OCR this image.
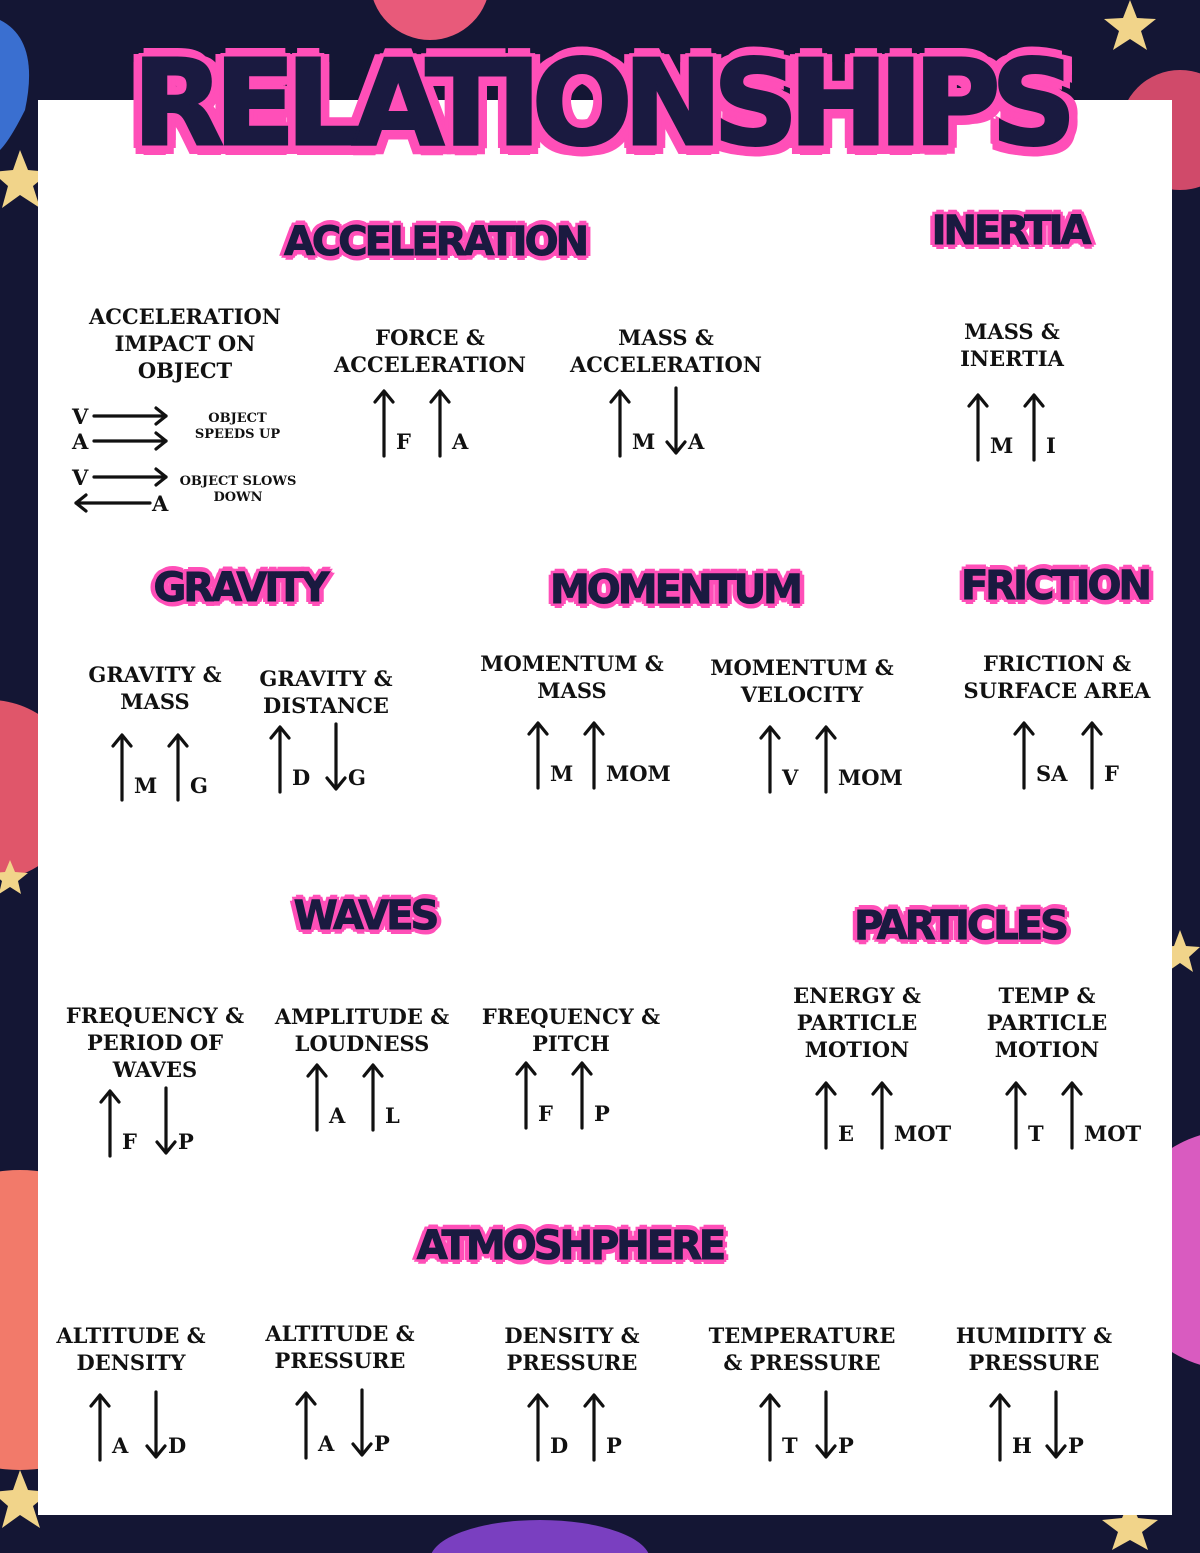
RELATIONSHIPS
ACCELERATION
ACCELERATION
IMPACT ON
OBJECT
V
A
OBJECT
SPEEDS UP
V
A
OBJECT SLOWS
DOWN
FORCE &
ACCELERATION
F A
MASS &
ACCELERATION
M A
INERTIA
MASS &
INERTIA
M I
GRAVITY
GRAVITY &
MASS
M G
GRAVITY &
DISTANCE
D G
MOMENTUM
MOMENTUM &
MASS
M MOM
MOMENTUM &
VELOCITY
V MOM
FRICTION
FRICTION &
SURFACE AREA
SA F
WAVES
FREQUENCY &
PERIOD OF
WAVES
F P
AMPLITUDE &
LOUDNESS
A L
FREQUENCY &
PITCH
F P
PARTICLES
ENERGY &
PARTICLE
MOTION
E MOT
TEMP &
PARTICLE
MOTION
T MOT
ATMOSHPHERE
ALTITUDE &
DENSITY
A D
ALTITUDE &
PRESSURE
A P
DENSITY &
PRESSURE
D P
TEMPERATURE
& PRESSURE
T P
HUMIDITY &
PRESSURE
H P
